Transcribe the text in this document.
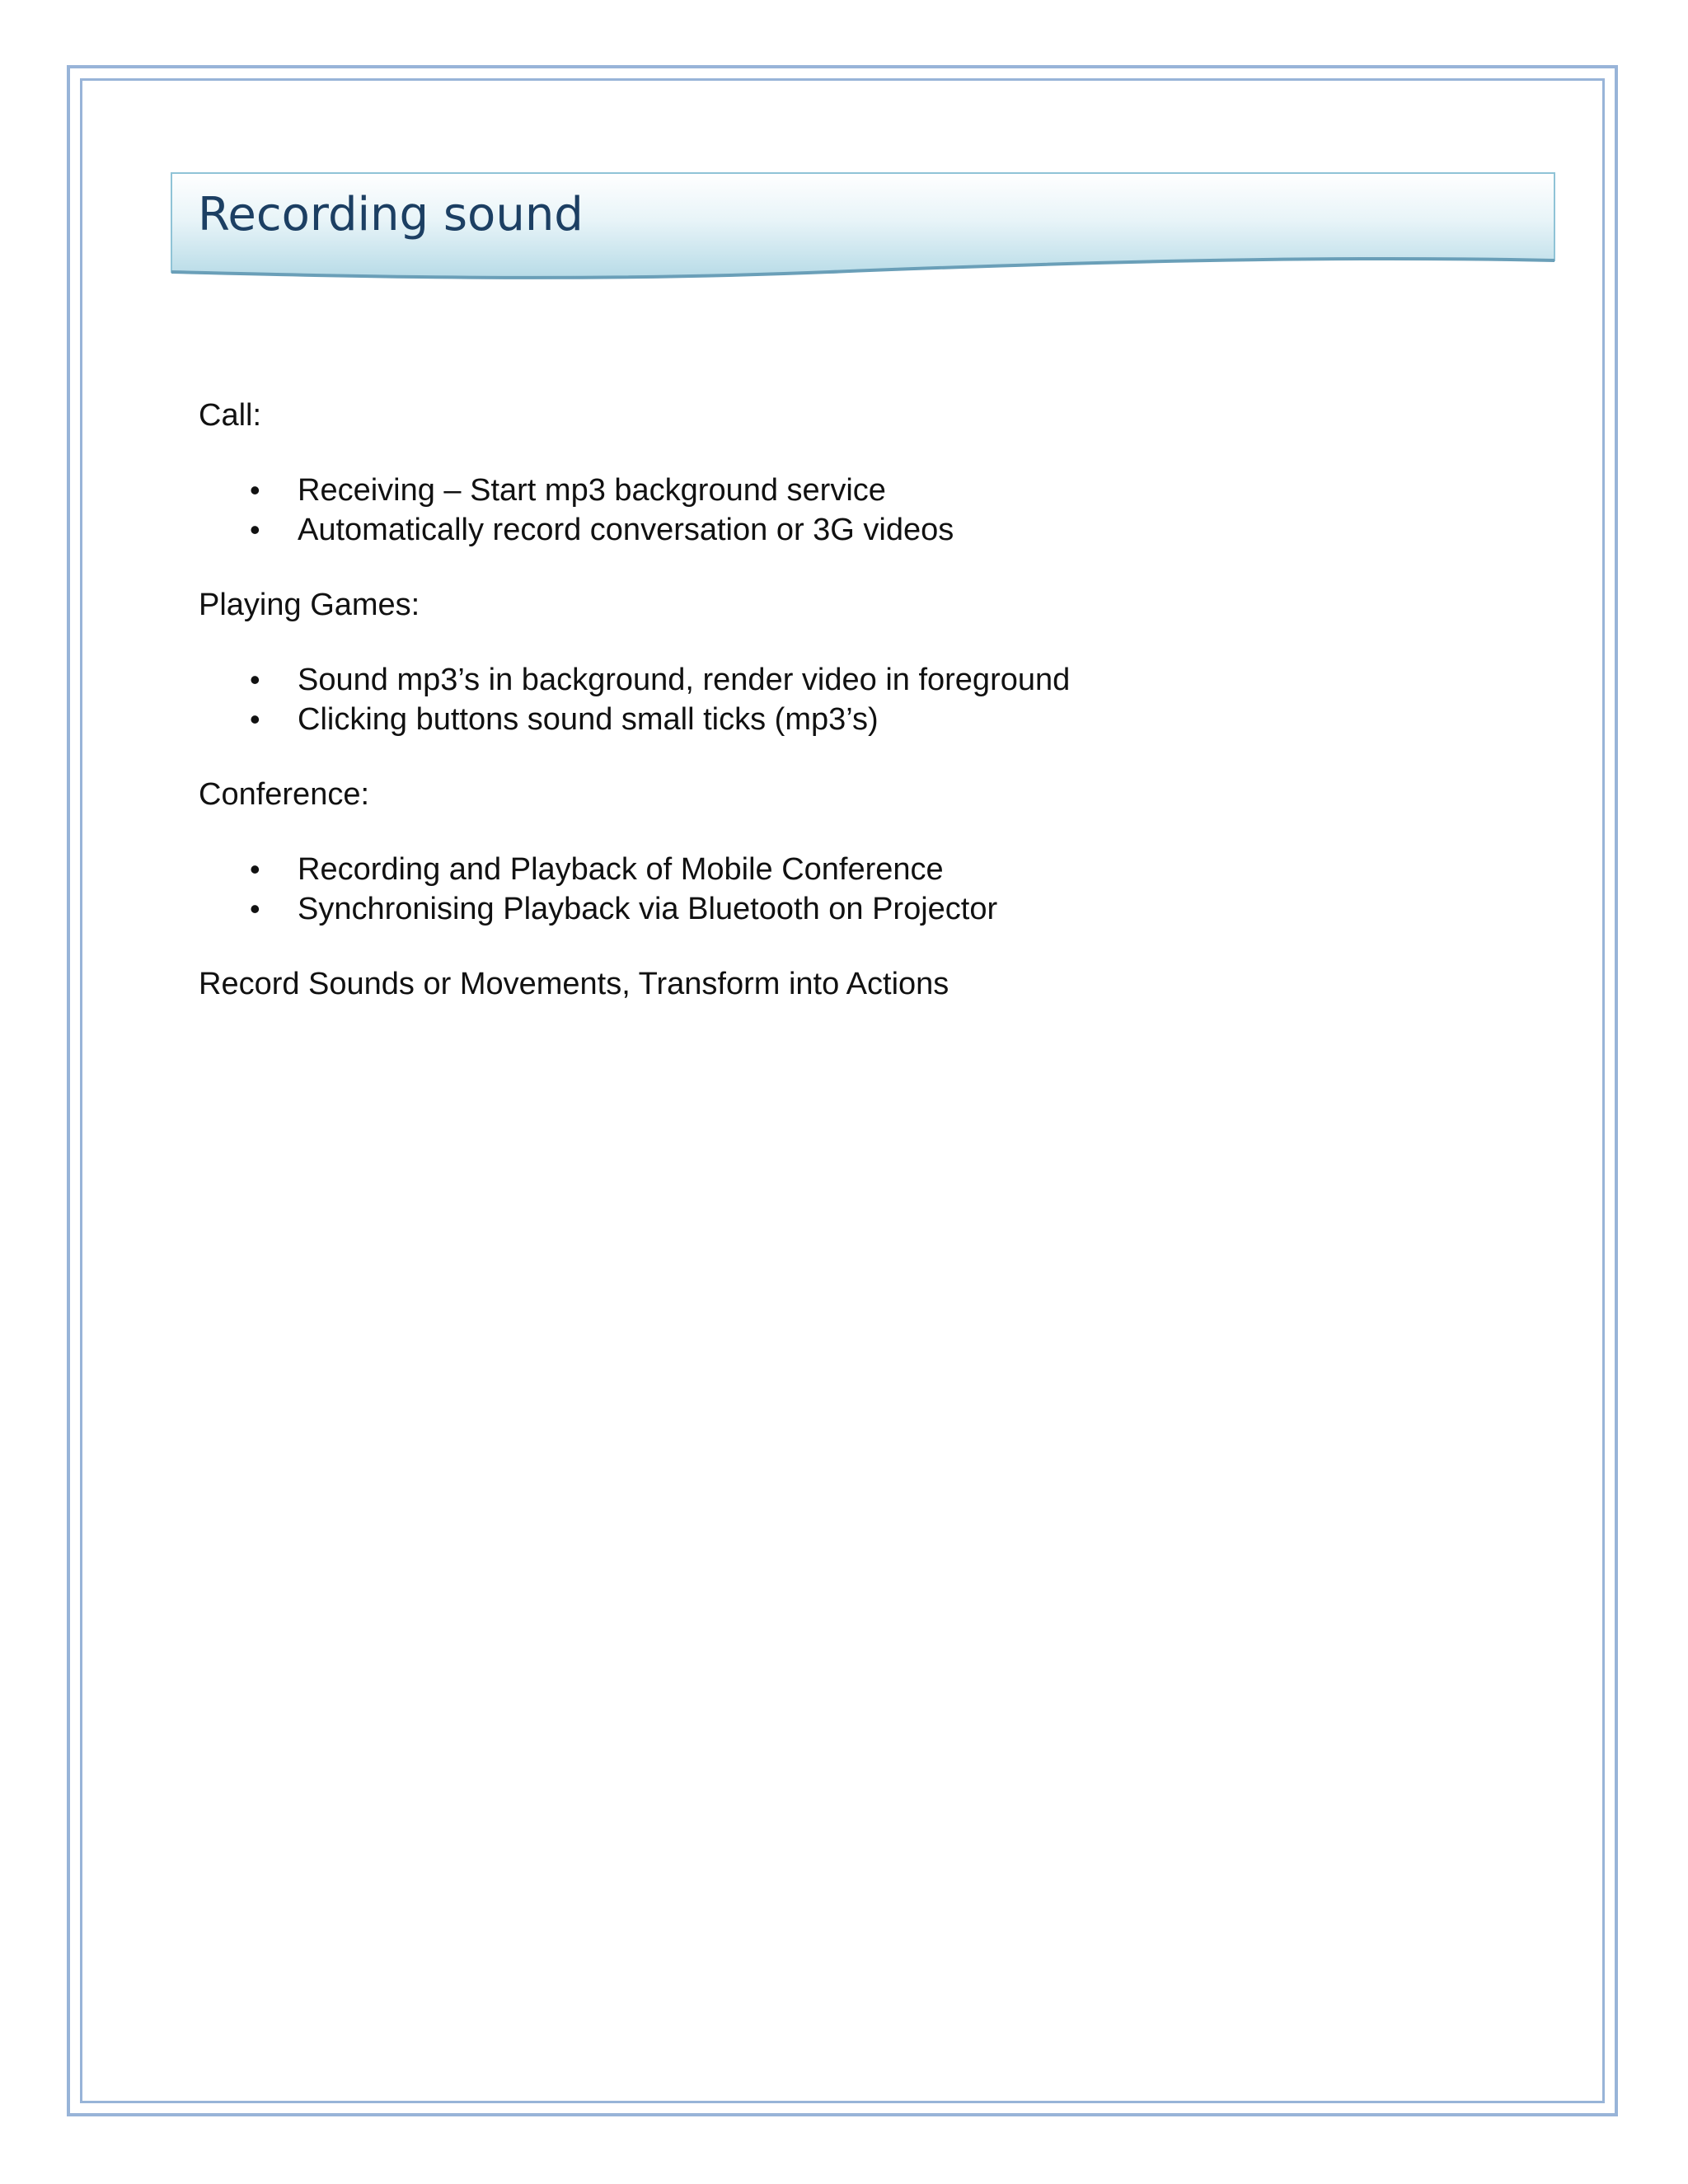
Recording sound

Call:

• Receiving – Start mp3 background service
• Automatically record conversation or 3G videos

Playing Games:

• Sound mp3’s in background, render video in foreground
• Clicking buttons sound small ticks (mp3’s)

Conference:

• Recording and Playback of Mobile Conference
• Synchronising Playback via Bluetooth on Projector

Record Sounds or Movements, Transform into Actions
